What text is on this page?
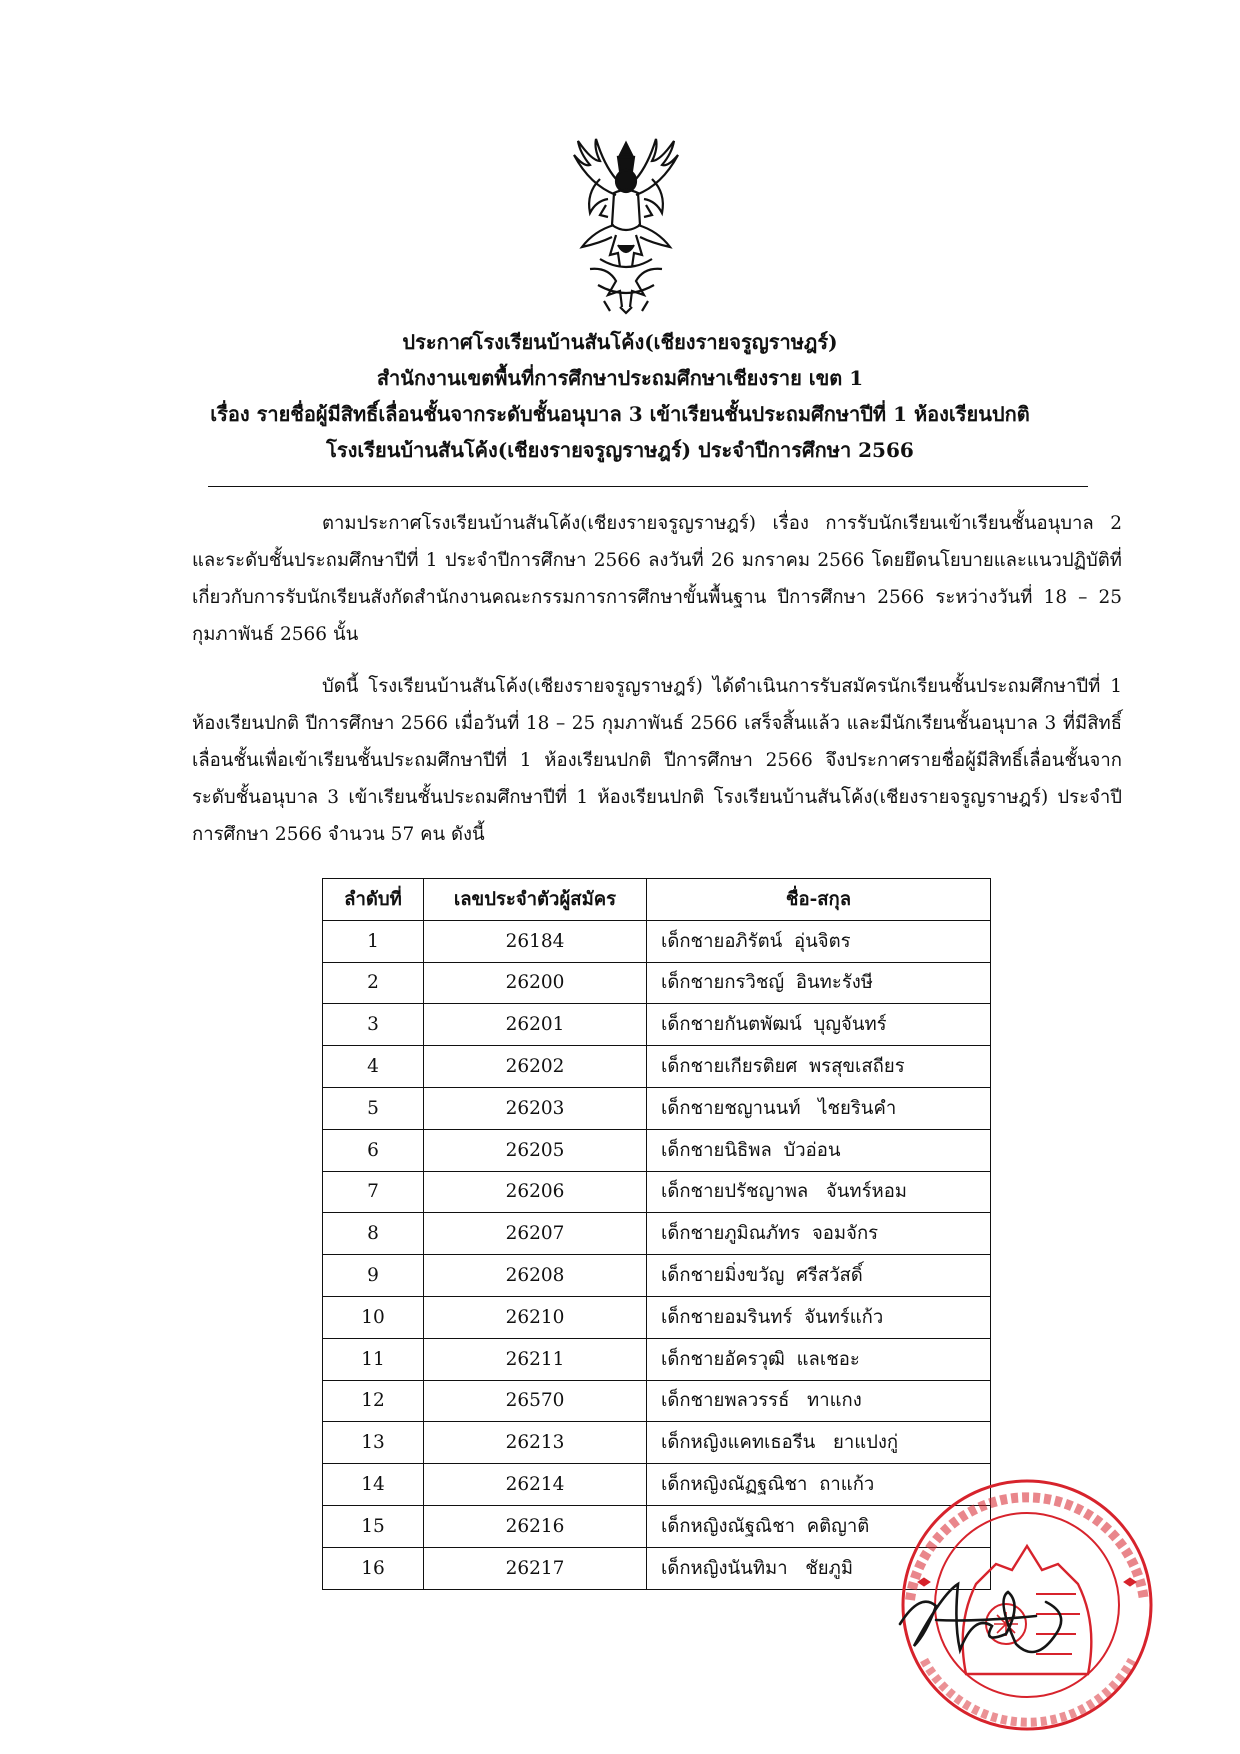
ประกาศโรงเรียนบ้านสันโค้ง(เชียงรายจรูญราษฎร์)
สำนักงานเขตพื้นที่การศึกษาประถมศึกษาเชียงราย เขต 1
เรื่อง รายชื่อผู้มีสิทธิ์เลื่อนชั้นจากระดับชั้นอนุบาล 3 เข้าเรียนชั้นประถมศึกษาปีที่ 1 ห้องเรียนปกติ
โรงเรียนบ้านสันโค้ง(เชียงรายจรูญราษฎร์) ประจำปีการศึกษา 2566
ตามประกาศโรงเรียนบ้านสันโค้ง(เชียงรายจรูญราษฎร์) เรื่อง การรับนักเรียนเข้าเรียนชั้นอนุบาล 2 และระดับชั้นประถมศึกษาปีที่ 1 ประจำปีการศึกษา 2566 ลงวันที่ 26 มกราคม 2566 โดยยึดนโยบายและแนวปฏิบัติที่เกี่ยวกับการรับนักเรียนสังกัดสำนักงานคณะกรรมการการศึกษาขั้นพื้นฐาน ปีการศึกษา 2566 ระหว่างวันที่ 18 – 25 กุมภาพันธ์ 2566 นั้น
บัดนี้ โรงเรียนบ้านสันโค้ง(เชียงรายจรูญราษฎร์) ได้ดำเนินการรับสมัครนักเรียนชั้นประถมศึกษาปีที่ 1 ห้องเรียนปกติ ปีการศึกษา 2566 เมื่อวันที่ 18 – 25 กุมภาพันธ์ 2566 เสร็จสิ้นแล้ว และมีนักเรียนชั้นอนุบาล 3 ที่มีสิทธิ์เลื่อนชั้นเพื่อเข้าเรียนชั้นประถมศึกษาปีที่ 1 ห้องเรียนปกติ ปีการศึกษา 2566 จึงประกาศรายชื่อผู้มีสิทธิ์เลื่อนชั้นจากระดับชั้นอนุบาล 3 เข้าเรียนชั้นประถมศึกษาปีที่ 1 ห้องเรียนปกติ โรงเรียนบ้านสันโค้ง(เชียงรายจรูญราษฎร์) ประจำปีการศึกษา 2566 จำนวน 57 คน ดังนี้
ลำดับที่	เลขประจำตัวผู้สมัคร	ชื่อ-สกุล
1	26184	เด็กชายอภิรัตน์  อุ่นจิตร
2	26200	เด็กชายกรวิชญ์  อินทะรังษี
3	26201	เด็กชายกันตพัฒน์  บุญจันทร์
4	26202	เด็กชายเกียรติยศ  พรสุขเสถียร
5	26203	เด็กชายชญานนท์   ไชยรินคำ
6	26205	เด็กชายนิธิพล  บัวอ่อน
7	26206	เด็กชายปรัชญาพล   จันทร์หอม
8	26207	เด็กชายภูมิณภัทร  จอมจักร
9	26208	เด็กชายมิ่งขวัญ  ศรีสวัสดิ์
10	26210	เด็กชายอมรินทร์  จันทร์แก้ว
11	26211	เด็กชายอัครวุฒิ  แลเชอะ
12	26570	เด็กชายพลวรรธ์   ทาแกง
13	26213	เด็กหญิงแคทเธอรีน   ยาแปงกู่
14	26214	เด็กหญิงณัฏฐณิชา  ถาแก้ว
15	26216	เด็กหญิงณัฐณิชา  คติญาติ
16	26217	เด็กหญิงนันทิมา   ชัยภูมิ
